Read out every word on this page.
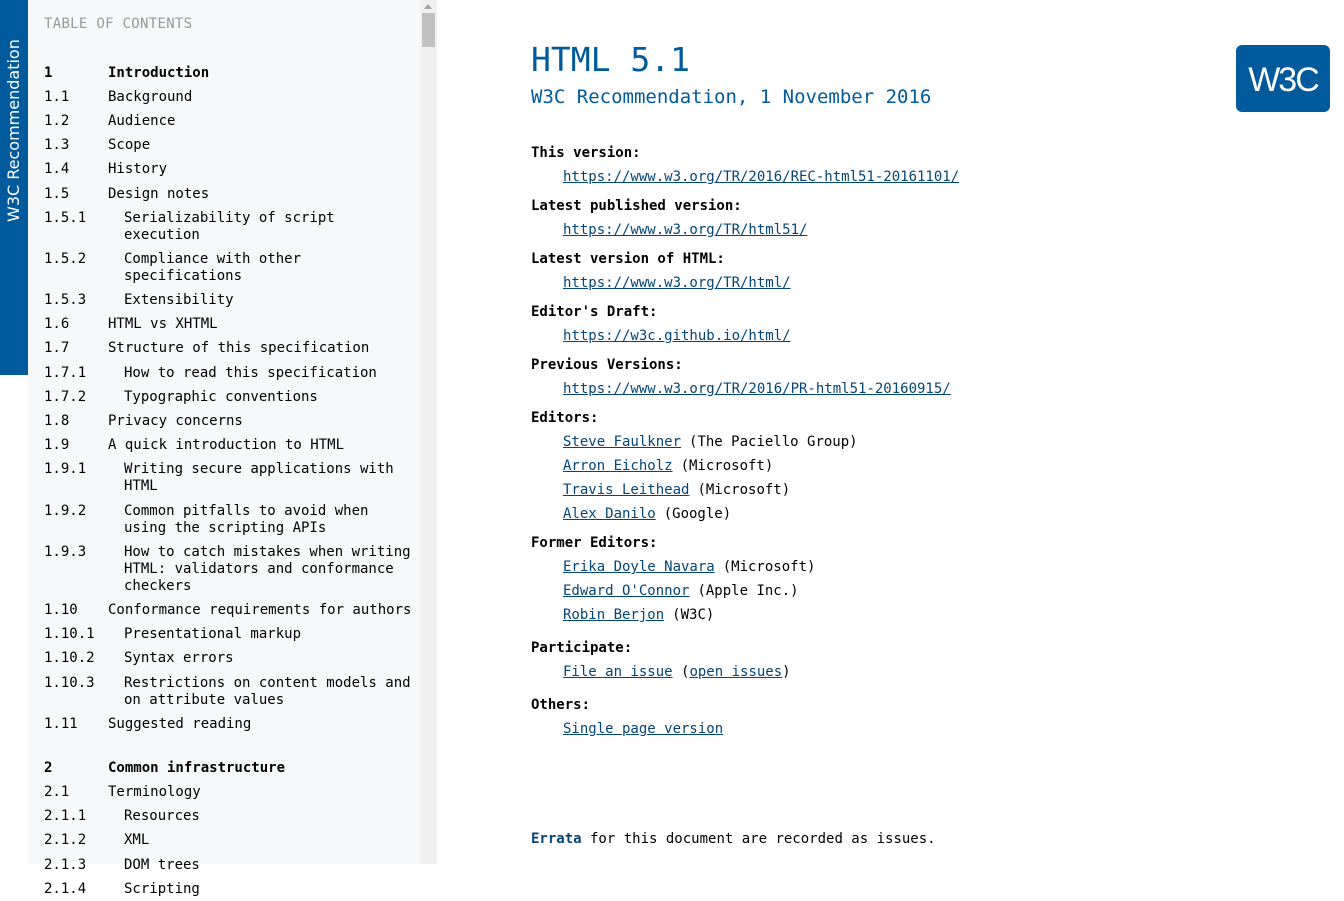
W3C Recommendation
TABLE OF CONTENTS
1	Introduction
1.1	Background
1.2	Audience
1.3	Scope
1.4	History
1.5	Design notes
1.5.1	Serializability of script execution
1.5.2	Compliance with other specifications
1.5.3	Extensibility
1.6	HTML vs XHTML
1.7	Structure of this specification
1.7.1	How to read this specification
1.7.2	Typographic conventions
1.8	Privacy concerns
1.9	A quick introduction to HTML
1.9.1	Writing secure applications with HTML
1.9.2	Common pitfalls to avoid when using the scripting APIs
1.9.3	How to catch mistakes when writing HTML: validators and conformance checkers
1.10 Conformance requirements for authors
1.10.1 Presentational markup
1.10.2 Syntax errors
1.10.3 Restrictions on content models and on attribute values
1.11 Suggested reading
2	Common infrastructure
2.1	Terminology
2.1.1	Resources
2.1.2	XML
2.1.3	DOM trees
2.1.4	Scripting
HTML 5.1
W3C Recommendation, 1 November 2016
This version:
https://www.w3.org/TR/2016/REC-html51-20161101/
Latest published version:
https://www.w3.org/TR/html51/
Latest version of HTML:
https://www.w3.org/TR/html/
Editor's Draft:
https://w3c.github.io/html/
Previous Versions:
https://www.w3.org/TR/2016/PR-html51-20160915/
Editors:
Steve Faulkner (The Paciello Group)
Arron Eicholz (Microsoft)
Travis Leithead (Microsoft)
Alex Danilo (Google)
Former Editors:
Erika Doyle Navara (Microsoft)
Edward O'Connor (Apple Inc.)
Robin Berjon (W3C)
Participate:
File an issue (open issues)
Others:
Single page version
Errata for this document are recorded as issues.
W3C
